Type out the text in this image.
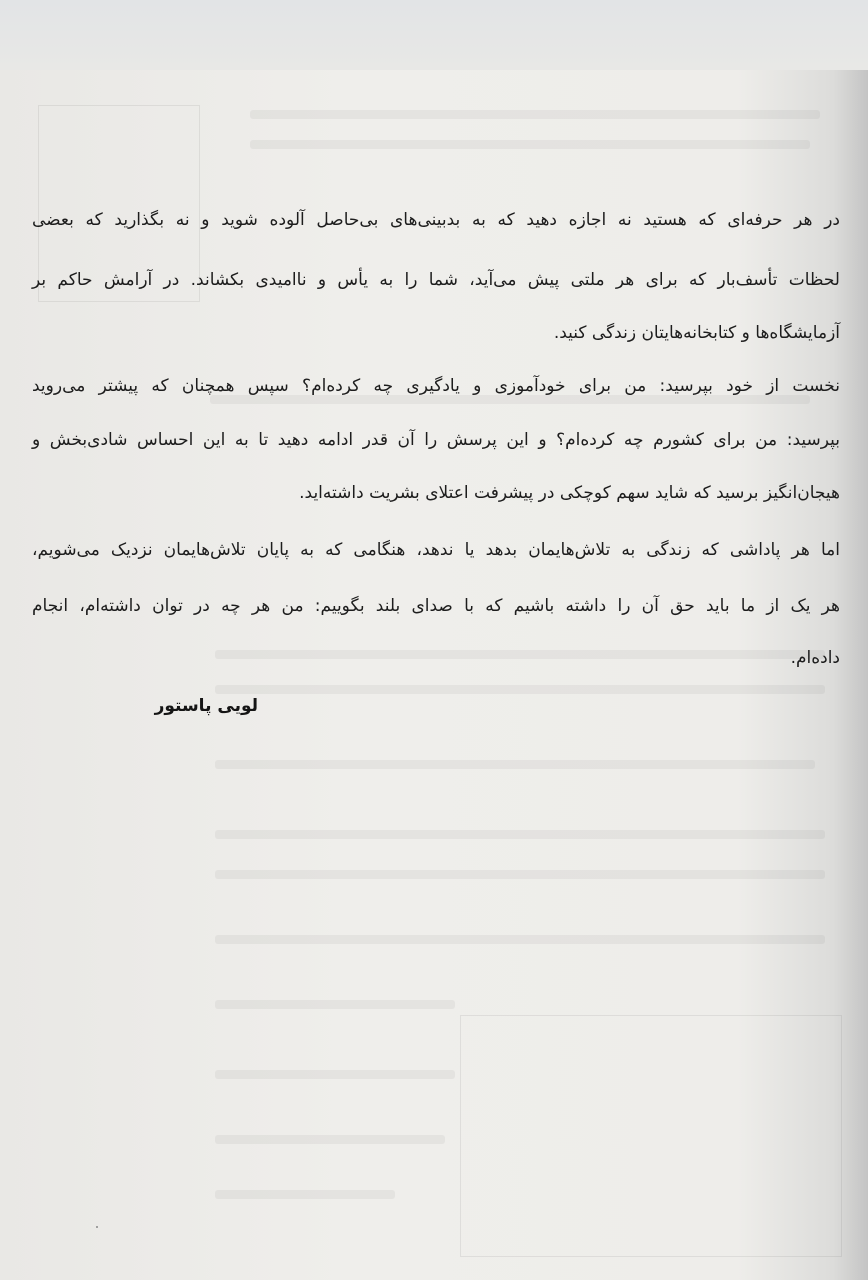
در هر حرفه‌ای که هستید نه اجازه دهید که به بدبینی‌های بی‌حاصل آلوده شوید و نه بگذارید که بعضی
لحظات تأسف‌بار که برای هر ملتی پیش می‌آید، شما را به یأس و ناامیدی بکشاند. در آرامش حاکم بر
آزمایشگاه‌ها و کتابخانه‌هایتان زندگی کنید.
نخست از خود بپرسید: من برای خودآموزی و یادگیری چه کرده‌ام؟ سپس همچنان که پیشتر می‌روید
بپرسید: من برای کشورم چه کرده‌ام؟ و این پرسش را آن قدر ادامه دهید تا به این احساس شادی‌بخش و
هیجان‌انگیز برسید که شاید سهم کوچکی در پیشرفت اعتلای بشریت داشته‌اید.
اما هر پاداشی که زندگی به تلاش‌هایمان بدهد یا ندهد، هنگامی که به پایان تلاش‌هایمان نزدیک می‌شویم،
هر یک از ما باید حق آن را داشته باشیم که با صدای بلند بگوییم: من هر چه در توان داشته‌ام، انجام
داده‌ام.
لویی پاستور
